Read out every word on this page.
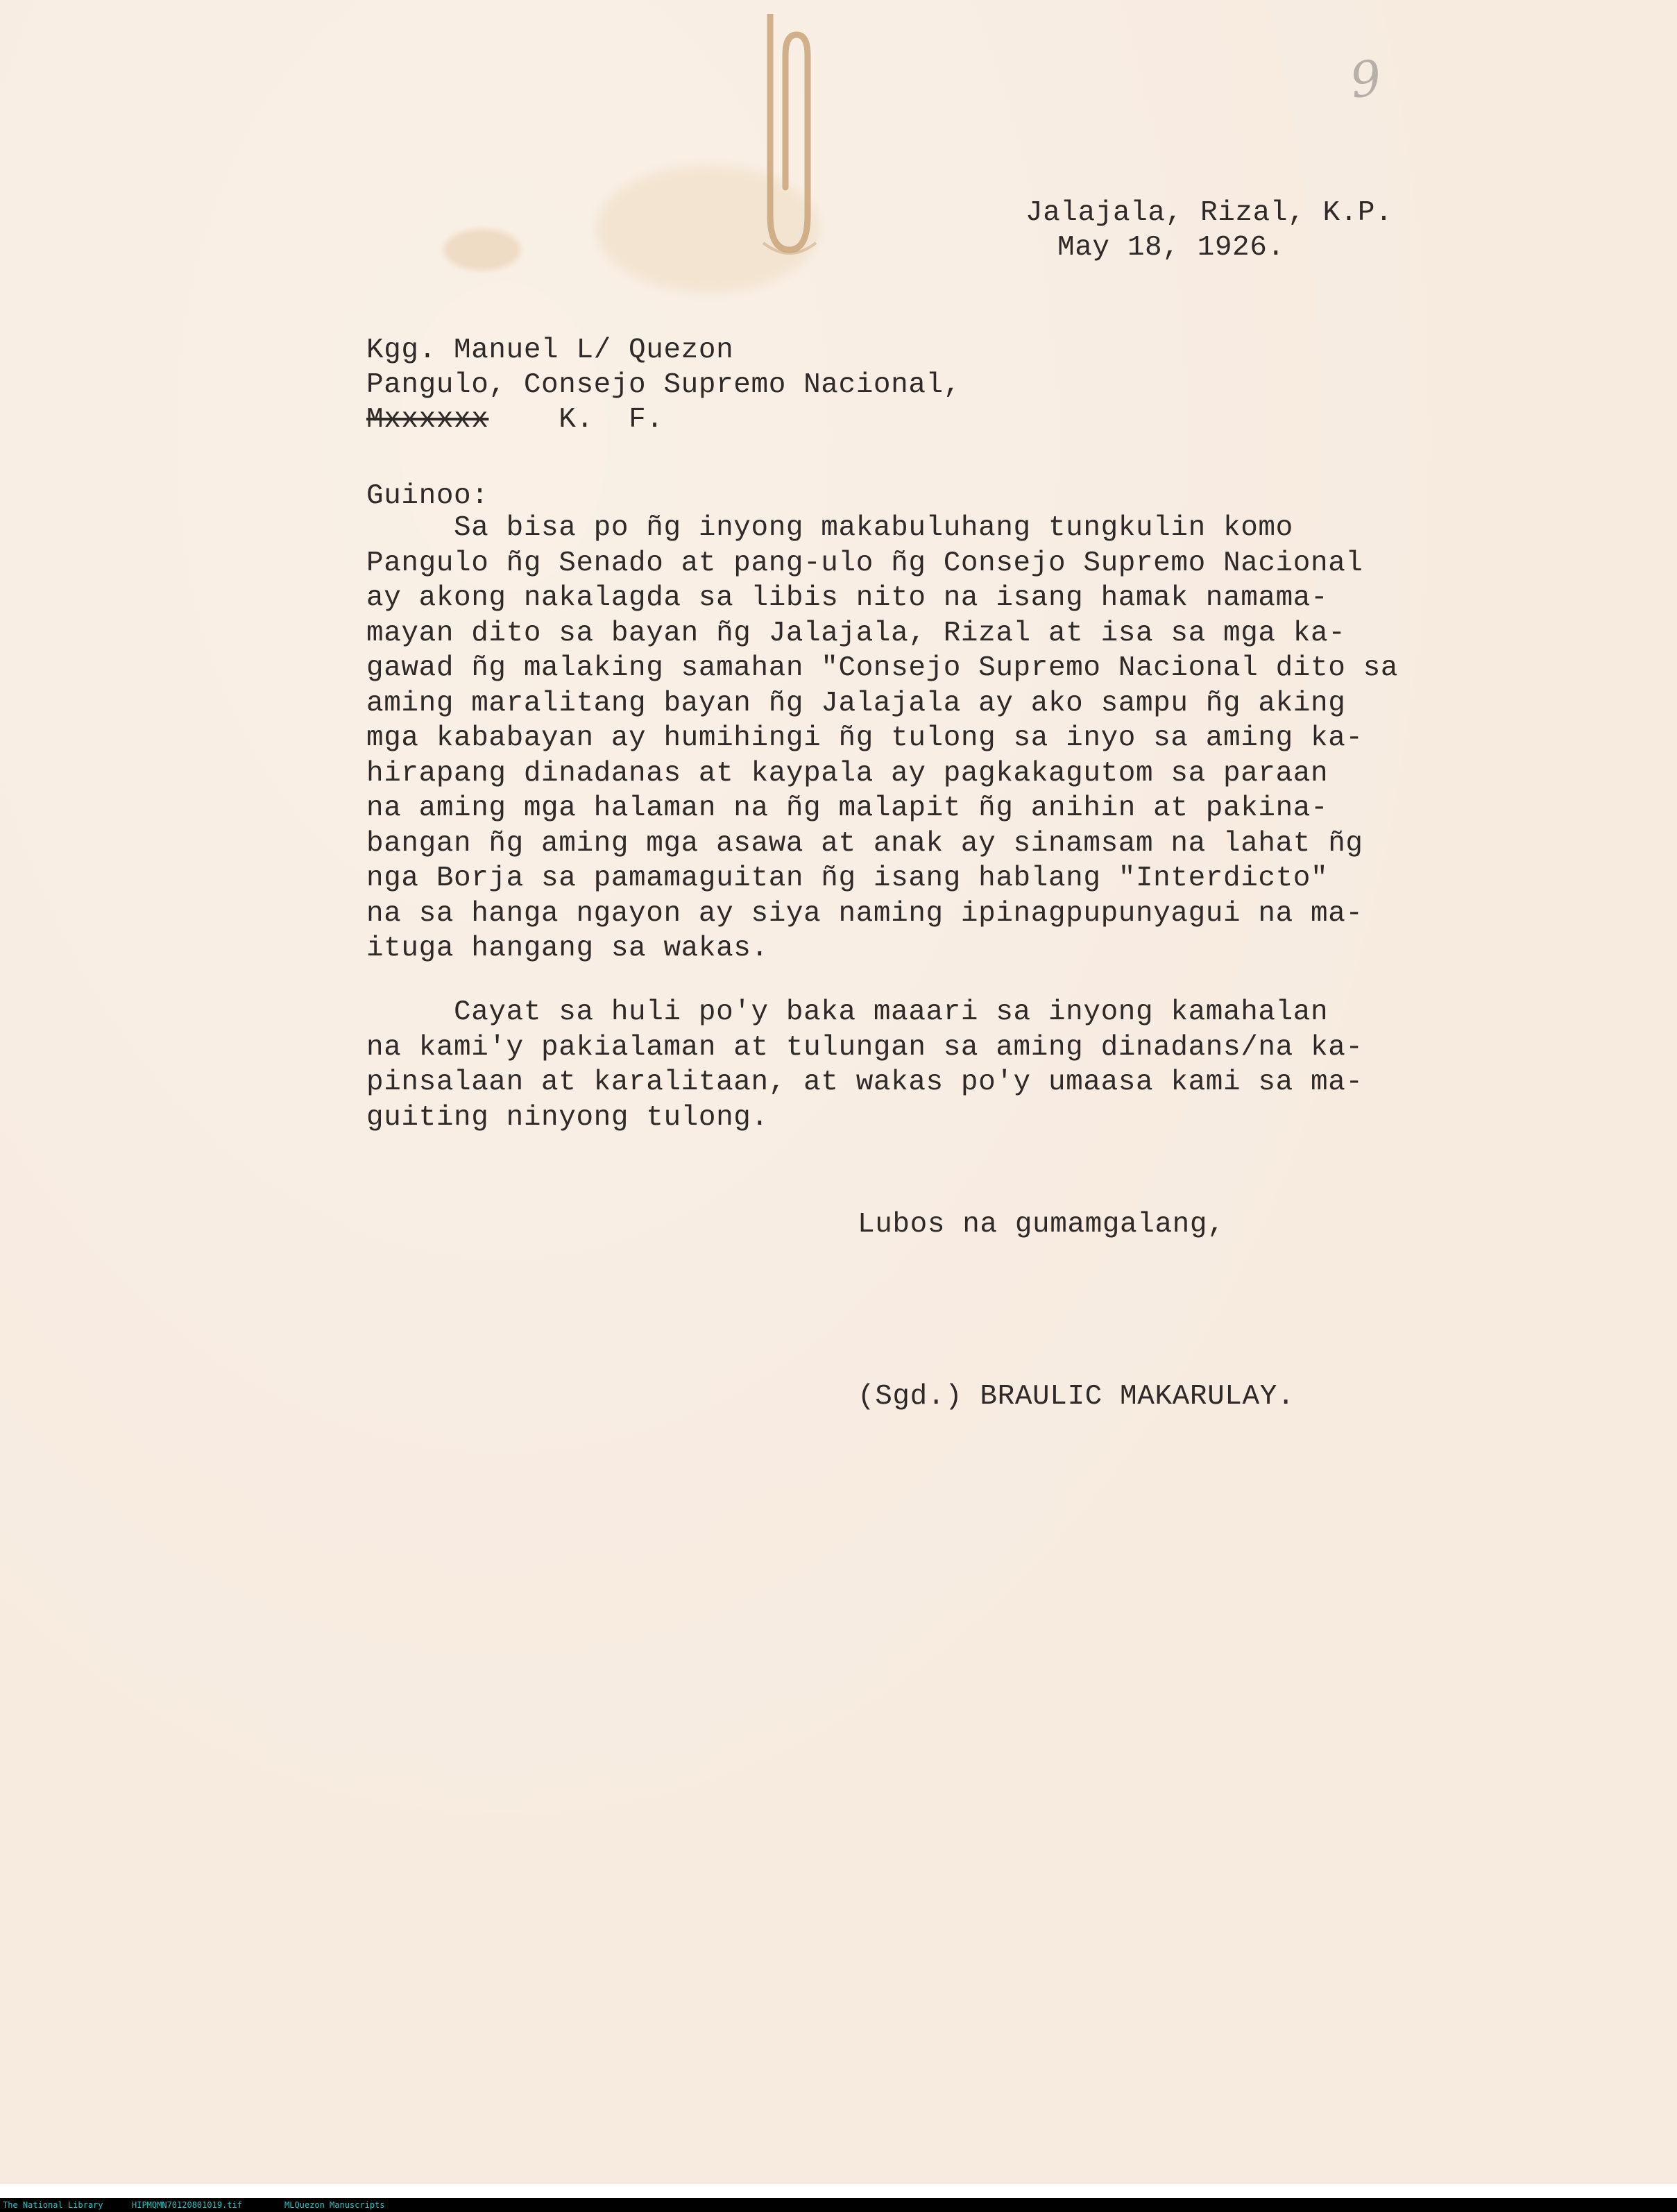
9
Jalajala, Rizal, K.P.
May 18, 1926.
Kgg. Manuel L/ Quezon
Pangulo, Consejo Supremo Nacional,
Mxxxxxx    K.  F.
Guinoo:
Sa bisa po ñg inyong makabuluhang tungkulin komo
Pangulo ñg Senado at pang-ulo ñg Consejo Supremo Nacional
ay akong nakalagda sa libis nito na isang hamak namama-
mayan dito sa bayan ñg Jalajala, Rizal at isa sa mga ka-
gawad ñg malaking samahan "Consejo Supremo Nacional dito sa
aming maralitang bayan ñg Jalajala ay ako sampu ñg aking
mga kababayan ay humihingi ñg tulong sa inyo sa aming ka-
hirapang dinadanas at kaypala ay pagkakagutom sa paraan
na aming mga halaman na ñg malapit ñg anihin at pakina-
bangan ñg aming mga asawa at anak ay sinamsam na lahat ñg
nga Borja sa pamamaguitan ñg isang hablang "Interdicto"
na sa hanga ngayon ay siya naming ipinagpupunyagui na ma-
ituga hangang sa wakas.
Cayat sa huli po'y baka maaari sa inyong kamahalan
na kami'y pakialaman at tulungan sa aming dinadans/na ka-
pinsalaan at karalitaan, at wakas po'y umaasa kami sa ma-
guiting ninyong tulong.
Lubos na gumamgalang,
(Sgd.) BRAULIC MAKARULAY.
The National Library	HIPMQMN70120801019.tif	MLQuezon Manuscripts
